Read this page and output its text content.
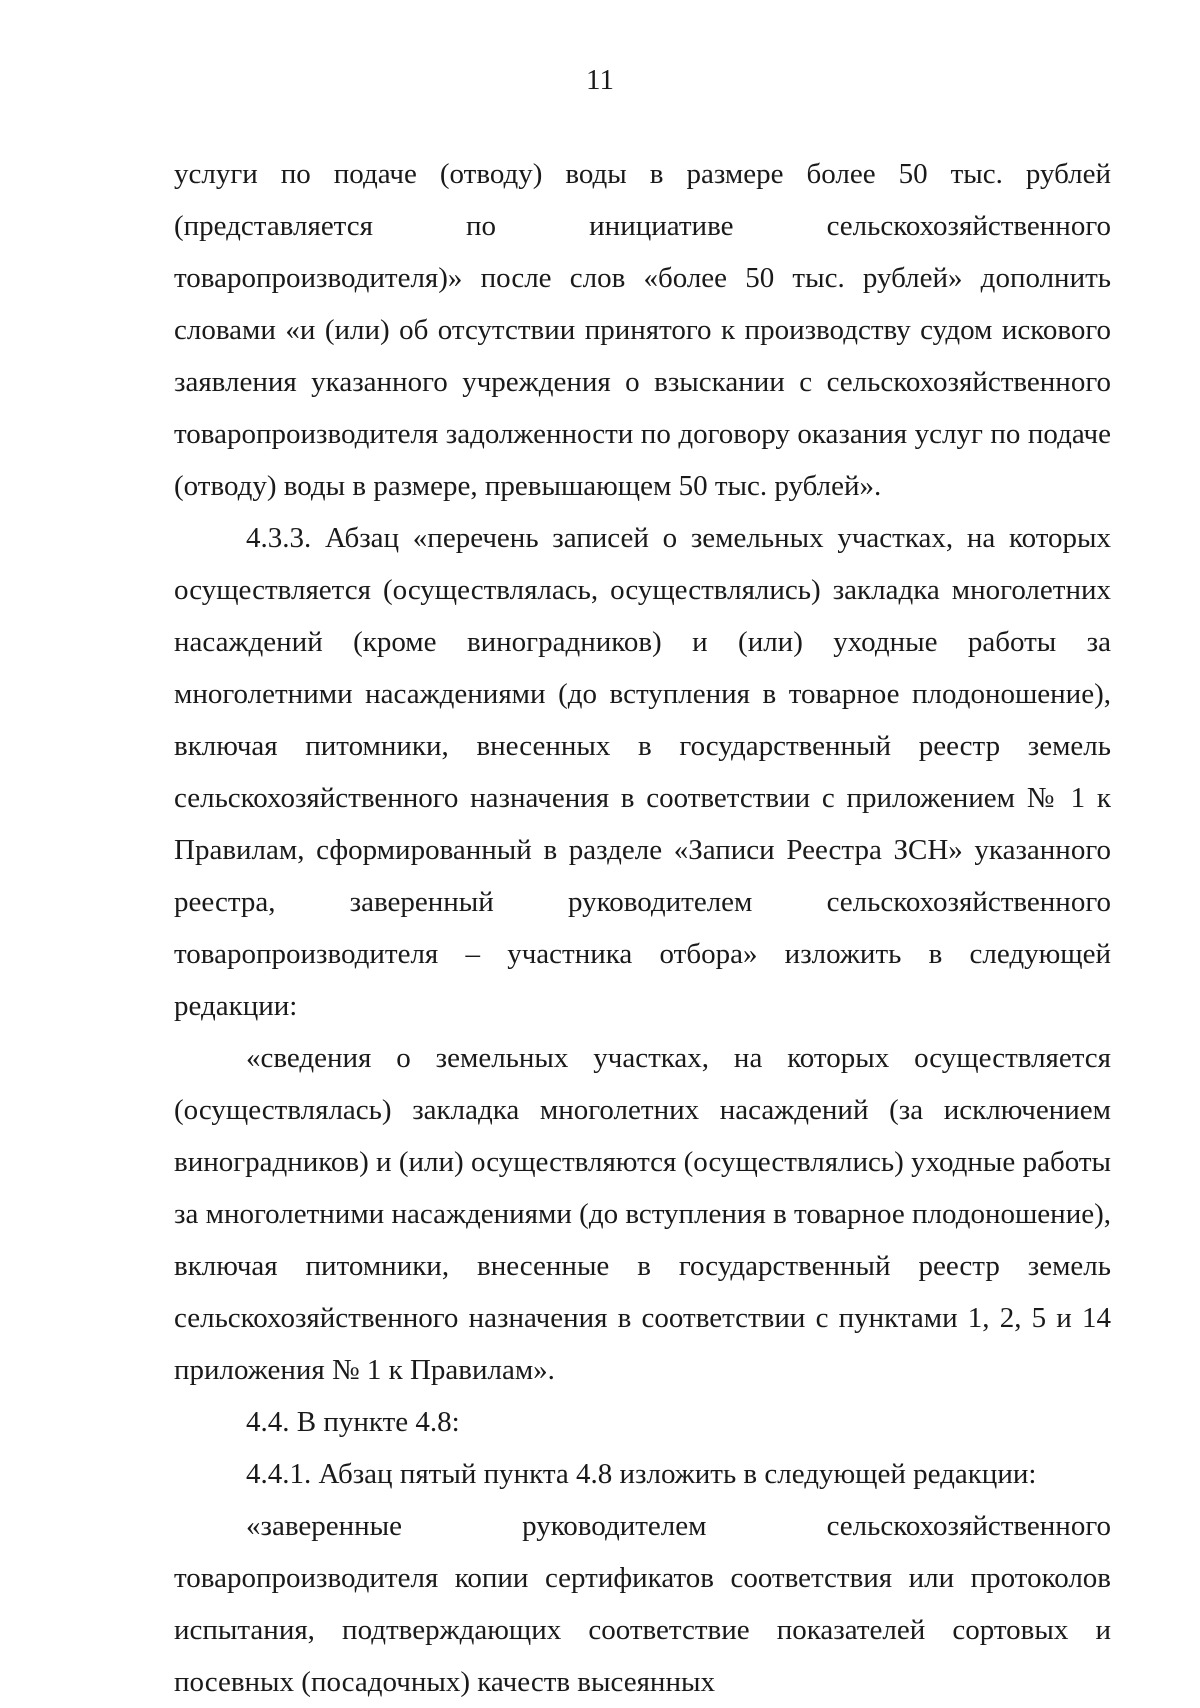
11

услуги по подаче (отводу) воды в размере более 50 тыс. рублей (представляется по инициативе сельскохозяйственного товаропроизводителя)» после слов «более 50 тыс. рублей» дополнить словами «и (или) об отсутствии принятого к производству судом искового заявления указанного учреждения о взыскании с сельскохозяйственного товаропроизводителя задолженности по договору оказания услуг по подаче (отводу) воды в размере, превышающем 50 тыс. рублей».

4.3.3. Абзац «перечень записей о земельных участках, на которых осуществляется (осуществлялась, осуществлялись) закладка многолетних насаждений (кроме виноградников) и (или) уходные работы за многолетними насаждениями (до вступления в товарное плодоношение), включая питомники, внесенных в государственный реестр земель сельскохозяйственного назначения в соответствии с приложением № 1 к Правилам, сформированный в разделе «Записи Реестра ЗСН» указанного реестра, заверенный руководителем сельскохозяйственного товаропроизводителя – участника отбора» изложить в следующей редакции:

«сведения о земельных участках, на которых осуществляется (осуществлялась) закладка многолетних насаждений (за исключением виноградников) и (или) осуществляются (осуществлялись) уходные работы за многолетними насаждениями (до вступления в товарное плодоношение), включая питомники, внесенные в государственный реестр земель сельскохозяйственного назначения в соответствии с пунктами 1, 2, 5 и 14 приложения № 1 к Правилам».

4.4. В пункте 4.8:

4.4.1. Абзац пятый пункта 4.8 изложить в следующей редакции:

«заверенные руководителем сельскохозяйственного товаропроизводителя копии сертификатов соответствия или протоколов испытания, подтверждающих соответствие показателей сортовых и посевных (посадочных) качеств высеянных
